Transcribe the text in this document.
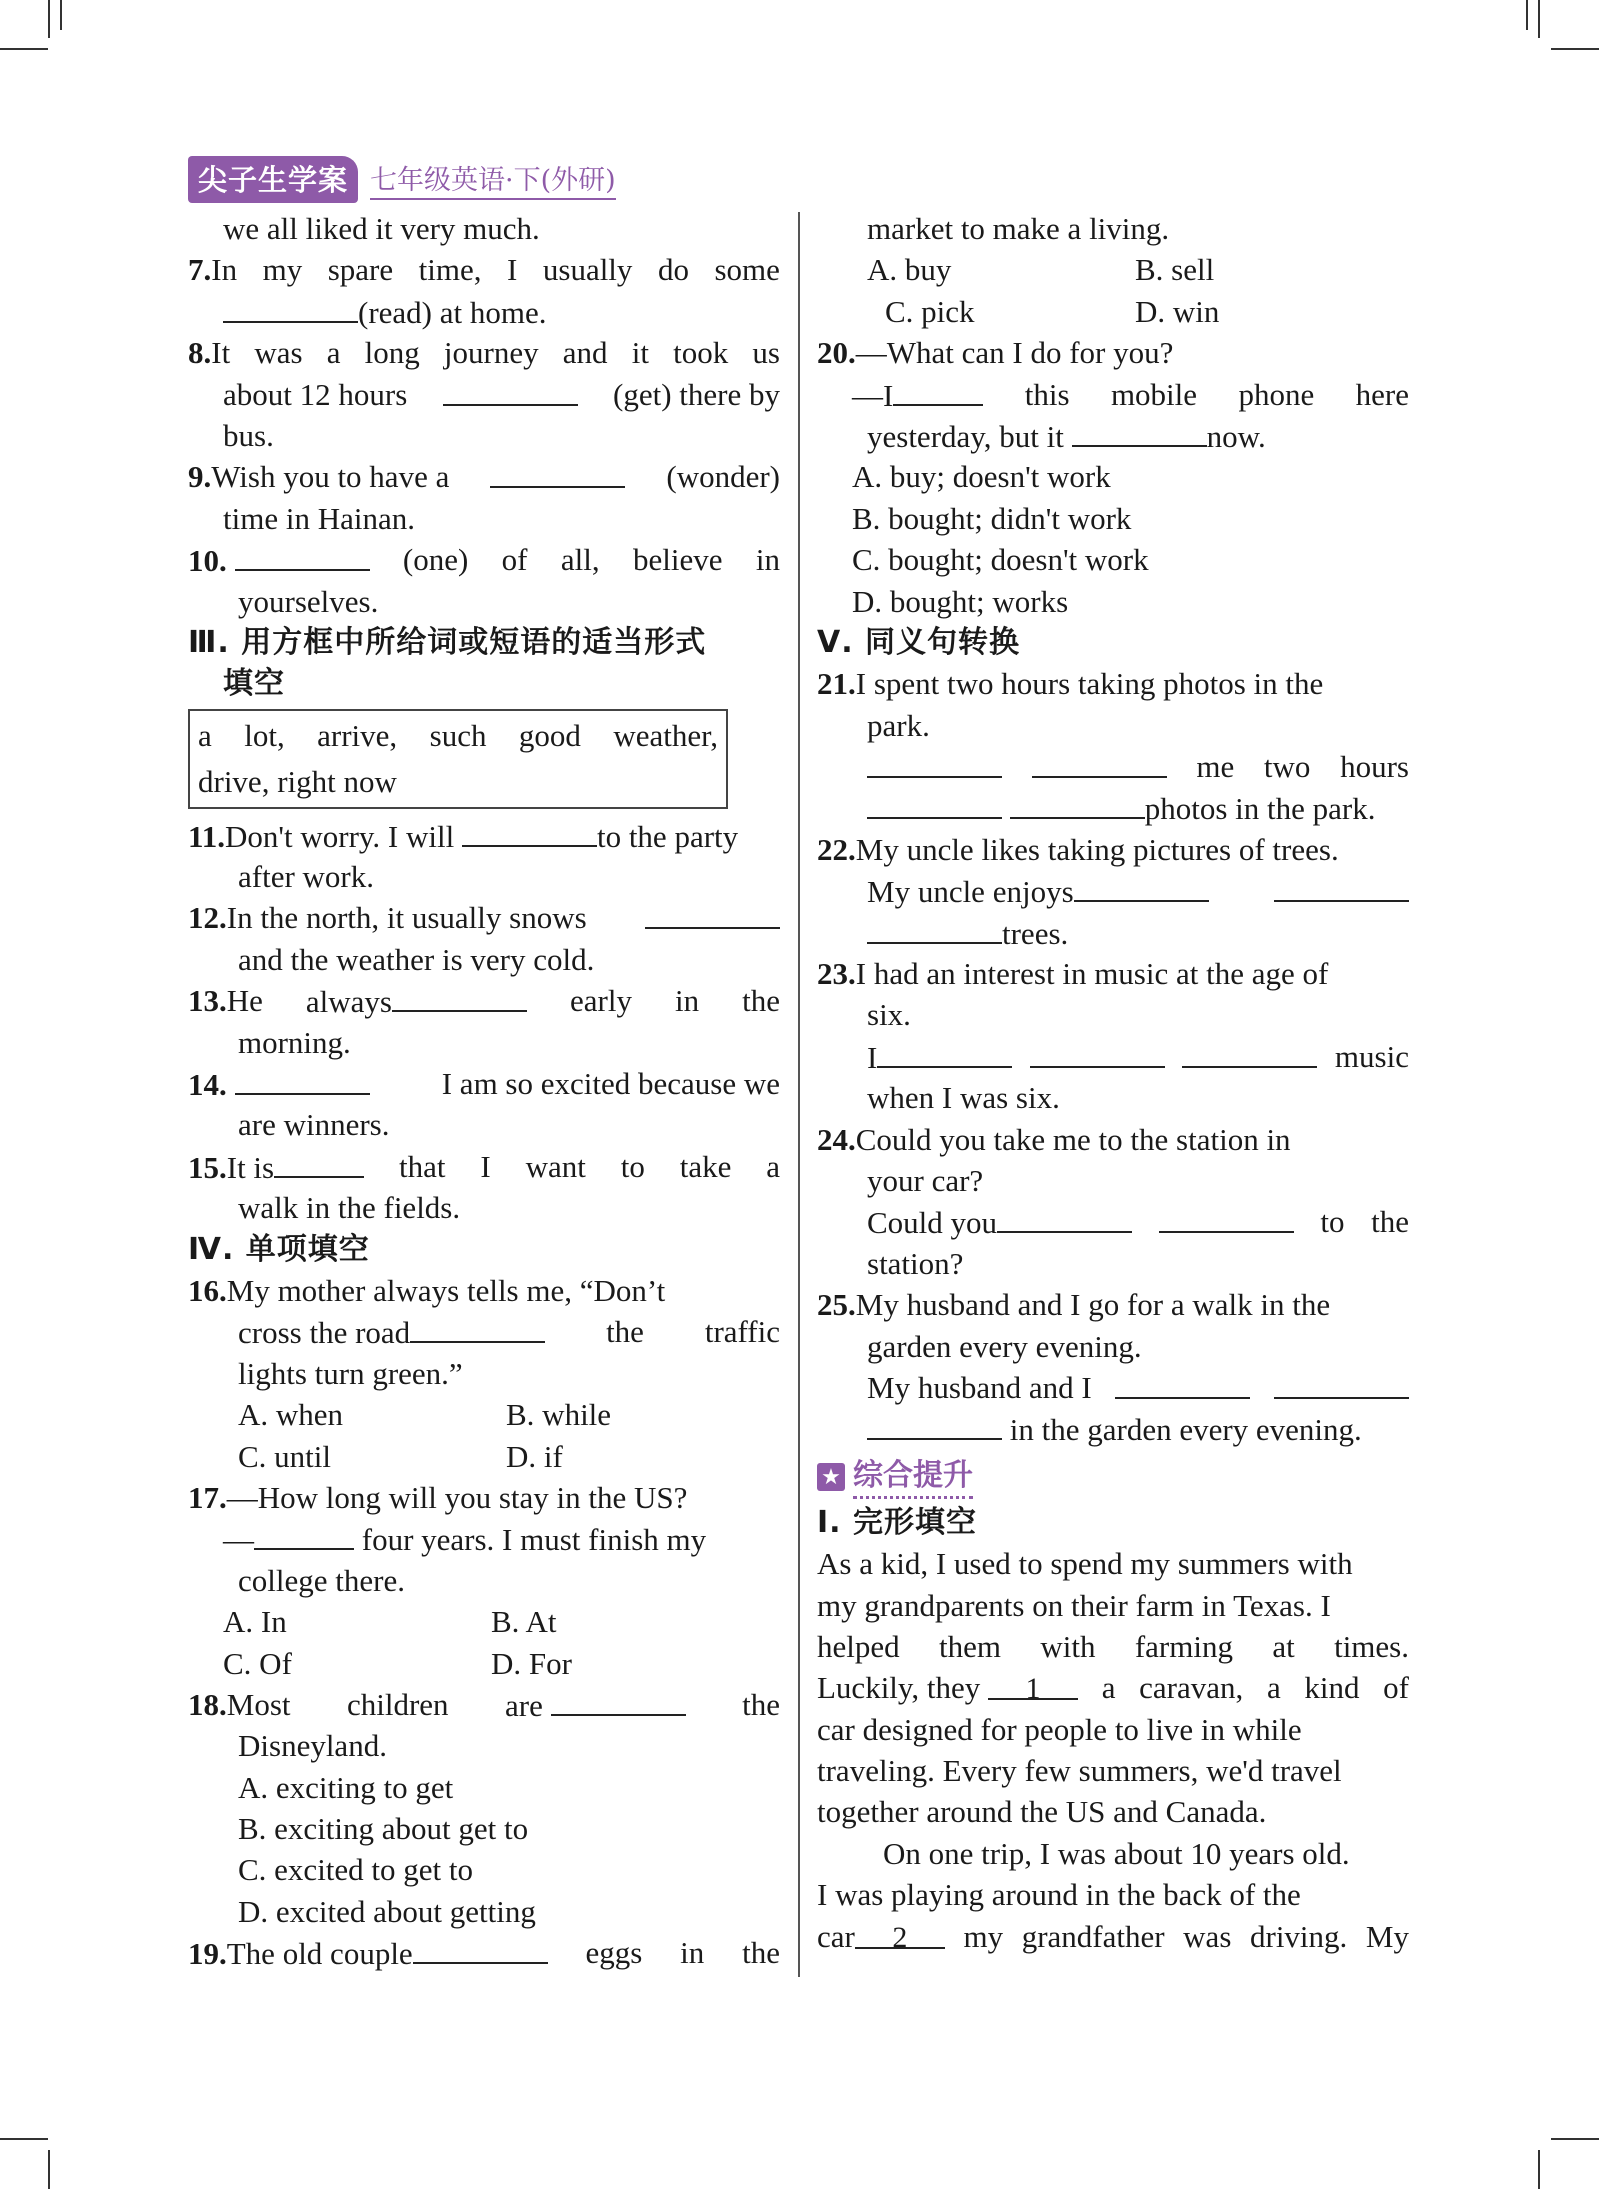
尖子生学案 七年级英语·下(外研)
we all liked it very much.
7.In my spare time, I usually do some
(read) at home.
8.It was a long journey and it took us
about 12 hours	(get) there by
bus.
9.Wish you to have a	(wonder)
time in Hainan.
10.	(one) of all, believe in
yourselves.
Ⅲ. 用方框中所给词或短语的适当形式
填空
a lot, arrive, such good weather,
drive, right now
11.Don't worry. I will	to the party
after work.
12.In the north, it usually snows
and the weather is very cold.
13.He always	early in the
morning.
14.	I am so excited because we
are winners.
15.It is	that I want to take a
walk in the fields.
Ⅳ. 单项填空
16.My mother always tells me, “Don’t
cross the road	the traffic
lights turn green.”
A. when	B. while
C. until	D. if
17.—How long will you stay in the US?
—	four years. I must finish my
college there.
A. In	B. At
C. Of	D. For
18.Most children are	the
Disneyland.
A. exciting to get
B. exciting about get to
C. excited to get to
D. excited about getting
19.The old couple	eggs in the
market to make a living.
A. buy	B. sell
C. pick	D. win
20.—What can I do for you?
—I	this mobile phone here
yesterday, but it	now.
A. buy; doesn't work
B. bought; didn't work
C. bought; doesn't work
D. bought; works
Ⅴ. 同义句转换
21.I spent two hours taking photos in the
park.
me two hours
photos in the park.
22.My uncle likes taking pictures of trees.
My uncle enjoys
trees.
23.I had an interest in music at the age of
six.
I	music
when I was six.
24.Could you take me to the station in
your car?
Could you	to the
station?
25.My husband and I go for a walk in the
garden every evening.
My husband and I
in the garden every evening.
★ 综合提升
Ⅰ. 完形填空
As a kid, I used to spend my summers with
my grandparents on their farm in Texas. I
helped them with farming at times.
Luckily, they 1	a caravan, a kind of
car designed for people to live in while
traveling. Every few summers, we'd travel
together around the US and Canada.
On one trip, I was about 10 years old.
I was playing around in the back of the
car 2	my grandfather was driving. My
